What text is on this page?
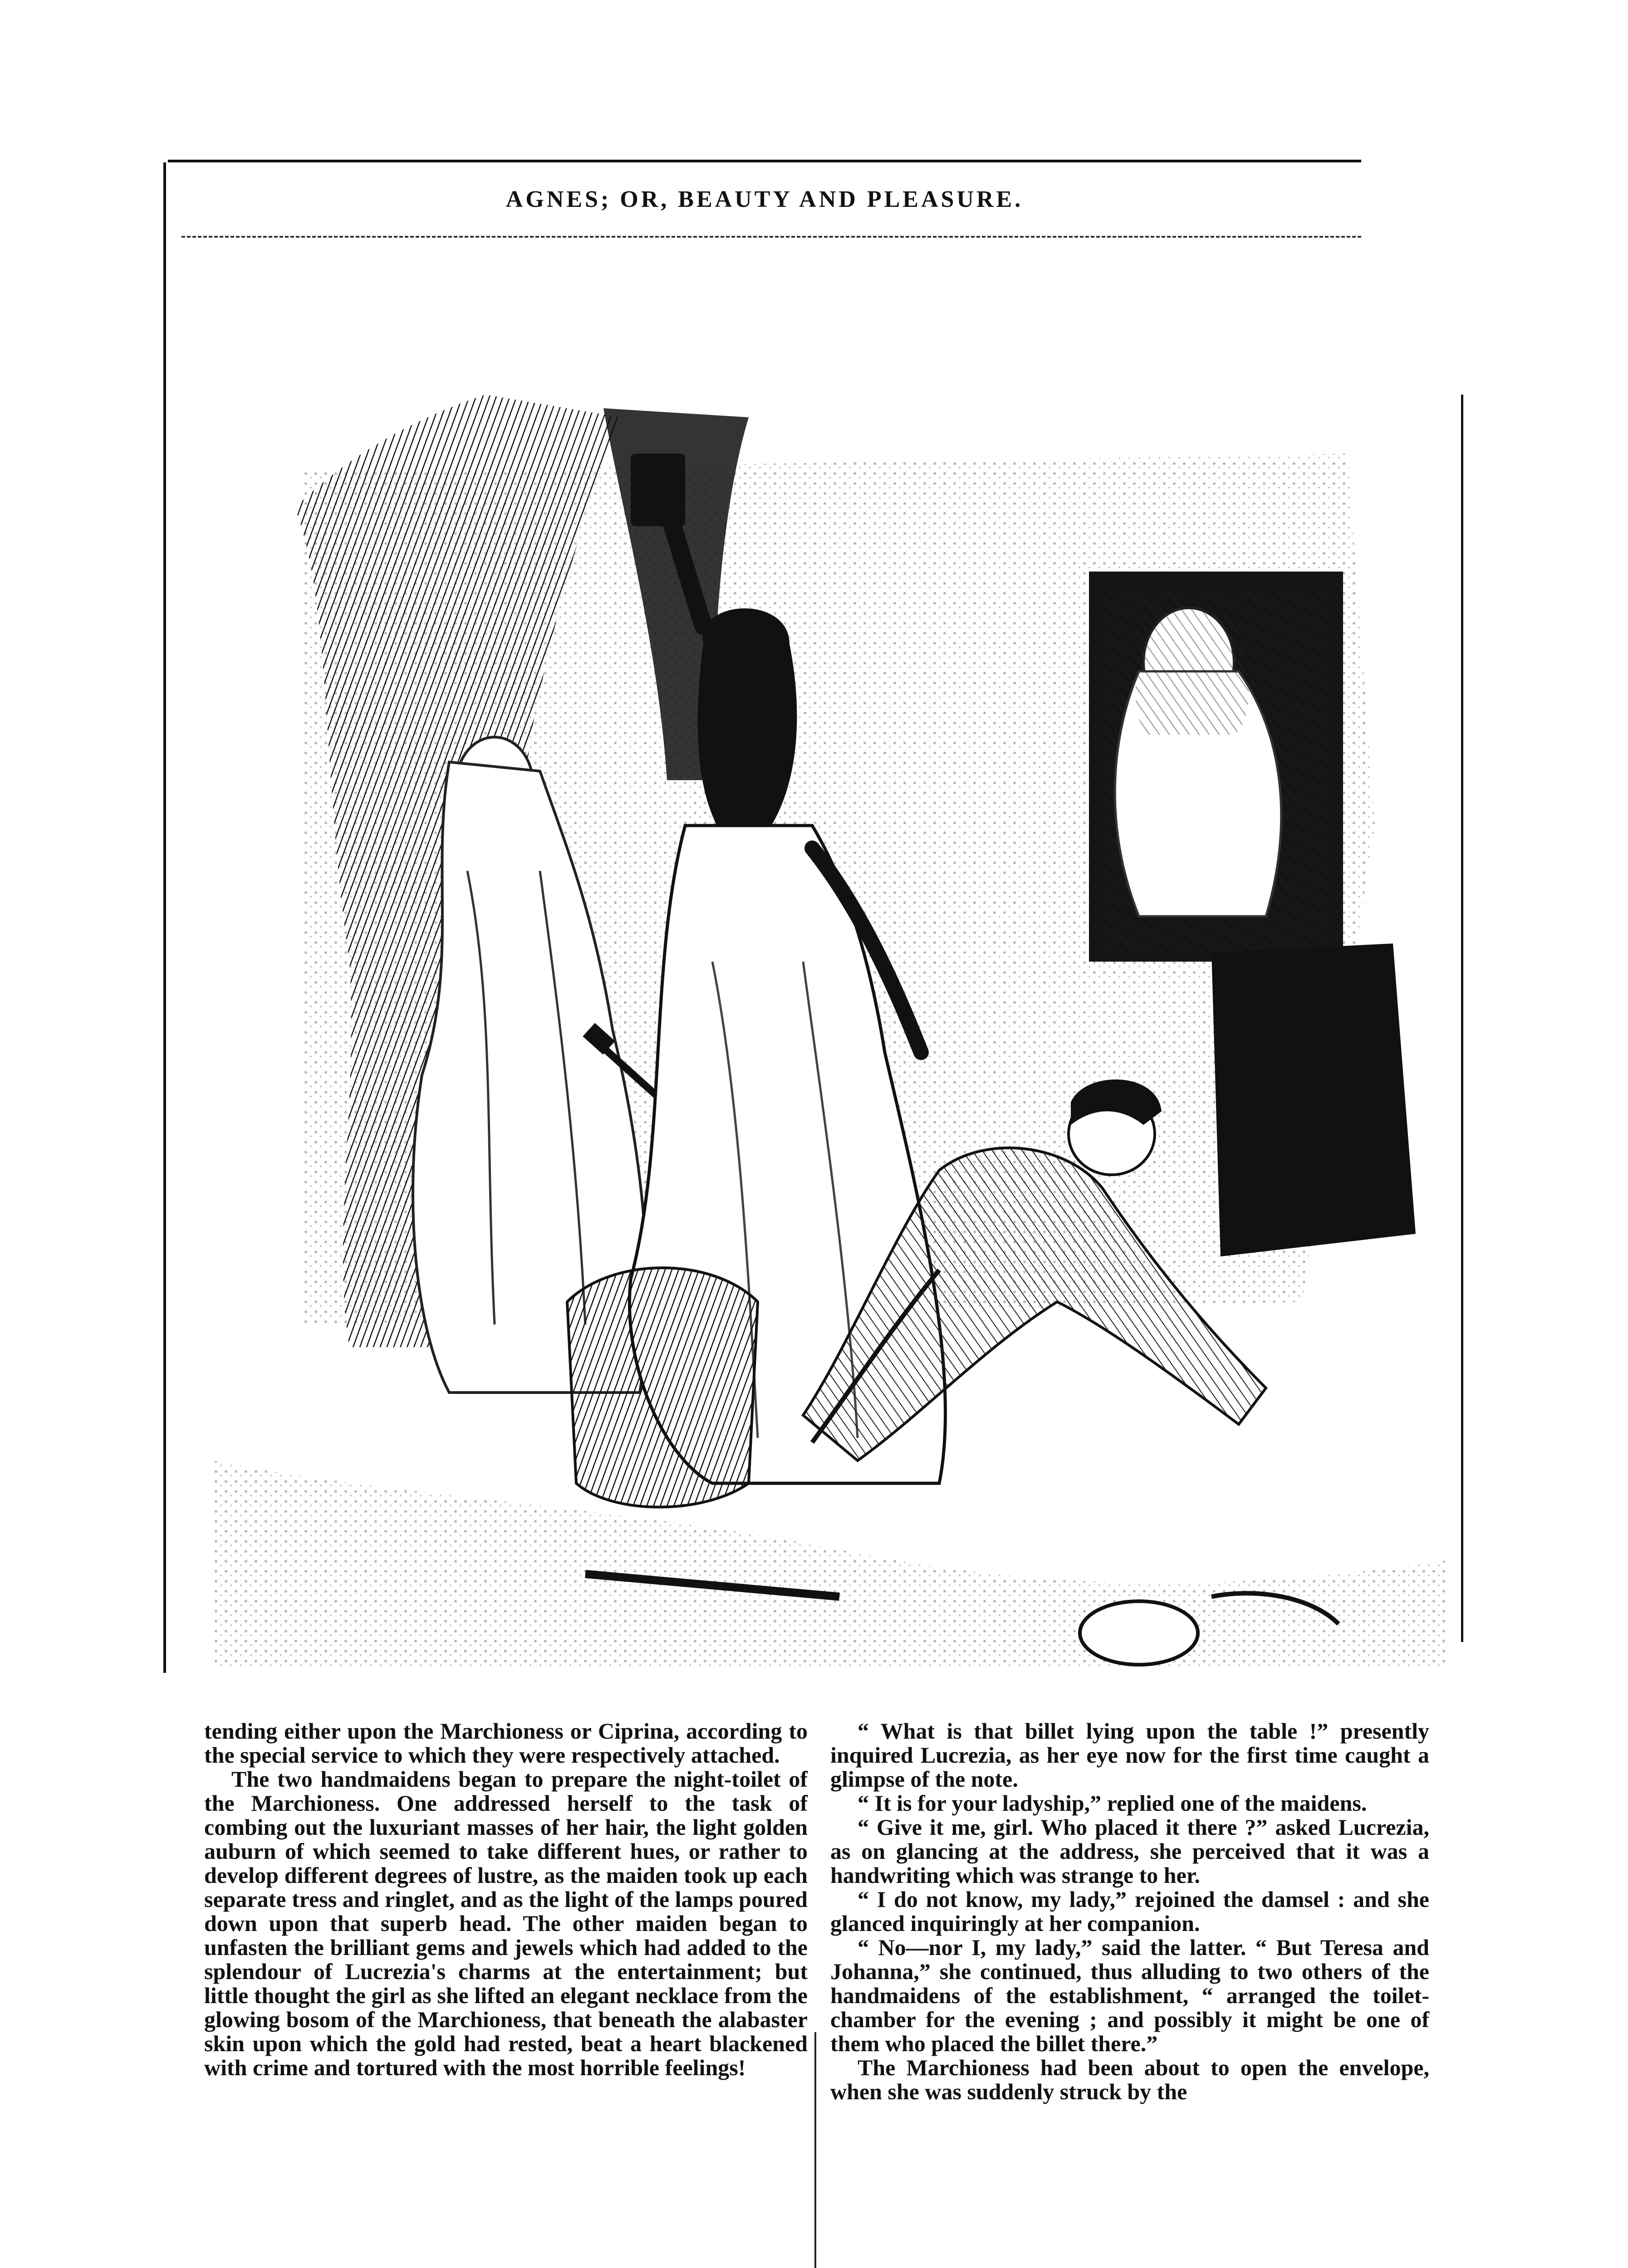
AGNES; OR, BEAUTY AND PLEASURE.

tending either upon the Marchioness or Ciprina, according to the special service to which they were respectively attached.

The two handmaidens began to prepare the night-toilet of the Marchioness. One addressed herself to the task of combing out the luxuriant masses of her hair, the light golden auburn of which seemed to take different hues, or rather to develop different degrees of lustre, as the maiden took up each separate tress and ringlet, and as the light of the lamps poured down upon that superb head. The other maiden began to unfasten the brilliant gems and jewels which had added to the splendour of Lucrezia's charms at the entertainment; but little thought the girl as she lifted an elegant necklace from the glowing bosom of the Marchioness, that beneath the alabaster skin upon which the gold had rested, beat a heart blackened with crime and tortured with the most horrible feelings!

“ What is that billet lying upon the table !” presently inquired Lucrezia, as her eye now for the first time caught a glimpse of the note.

“ It is for your ladyship,” replied one of the maidens.

“ Give it me, girl. Who placed it there ?” asked Lucrezia, as on glancing at the address, she perceived that it was a handwriting which was strange to her.

“ I do not know, my lady,” rejoined the damsel : and she glanced inquiringly at her companion.

“ No—nor I, my lady,” said the latter. “ But Teresa and Johanna,” she continued, thus alluding to two others of the handmaidens of the establishment, “ arranged the toilet-chamber for the evening ; and possibly it might be one of them who placed the billet there.”

The Marchioness had been about to open the envelope, when she was suddenly struck by the
